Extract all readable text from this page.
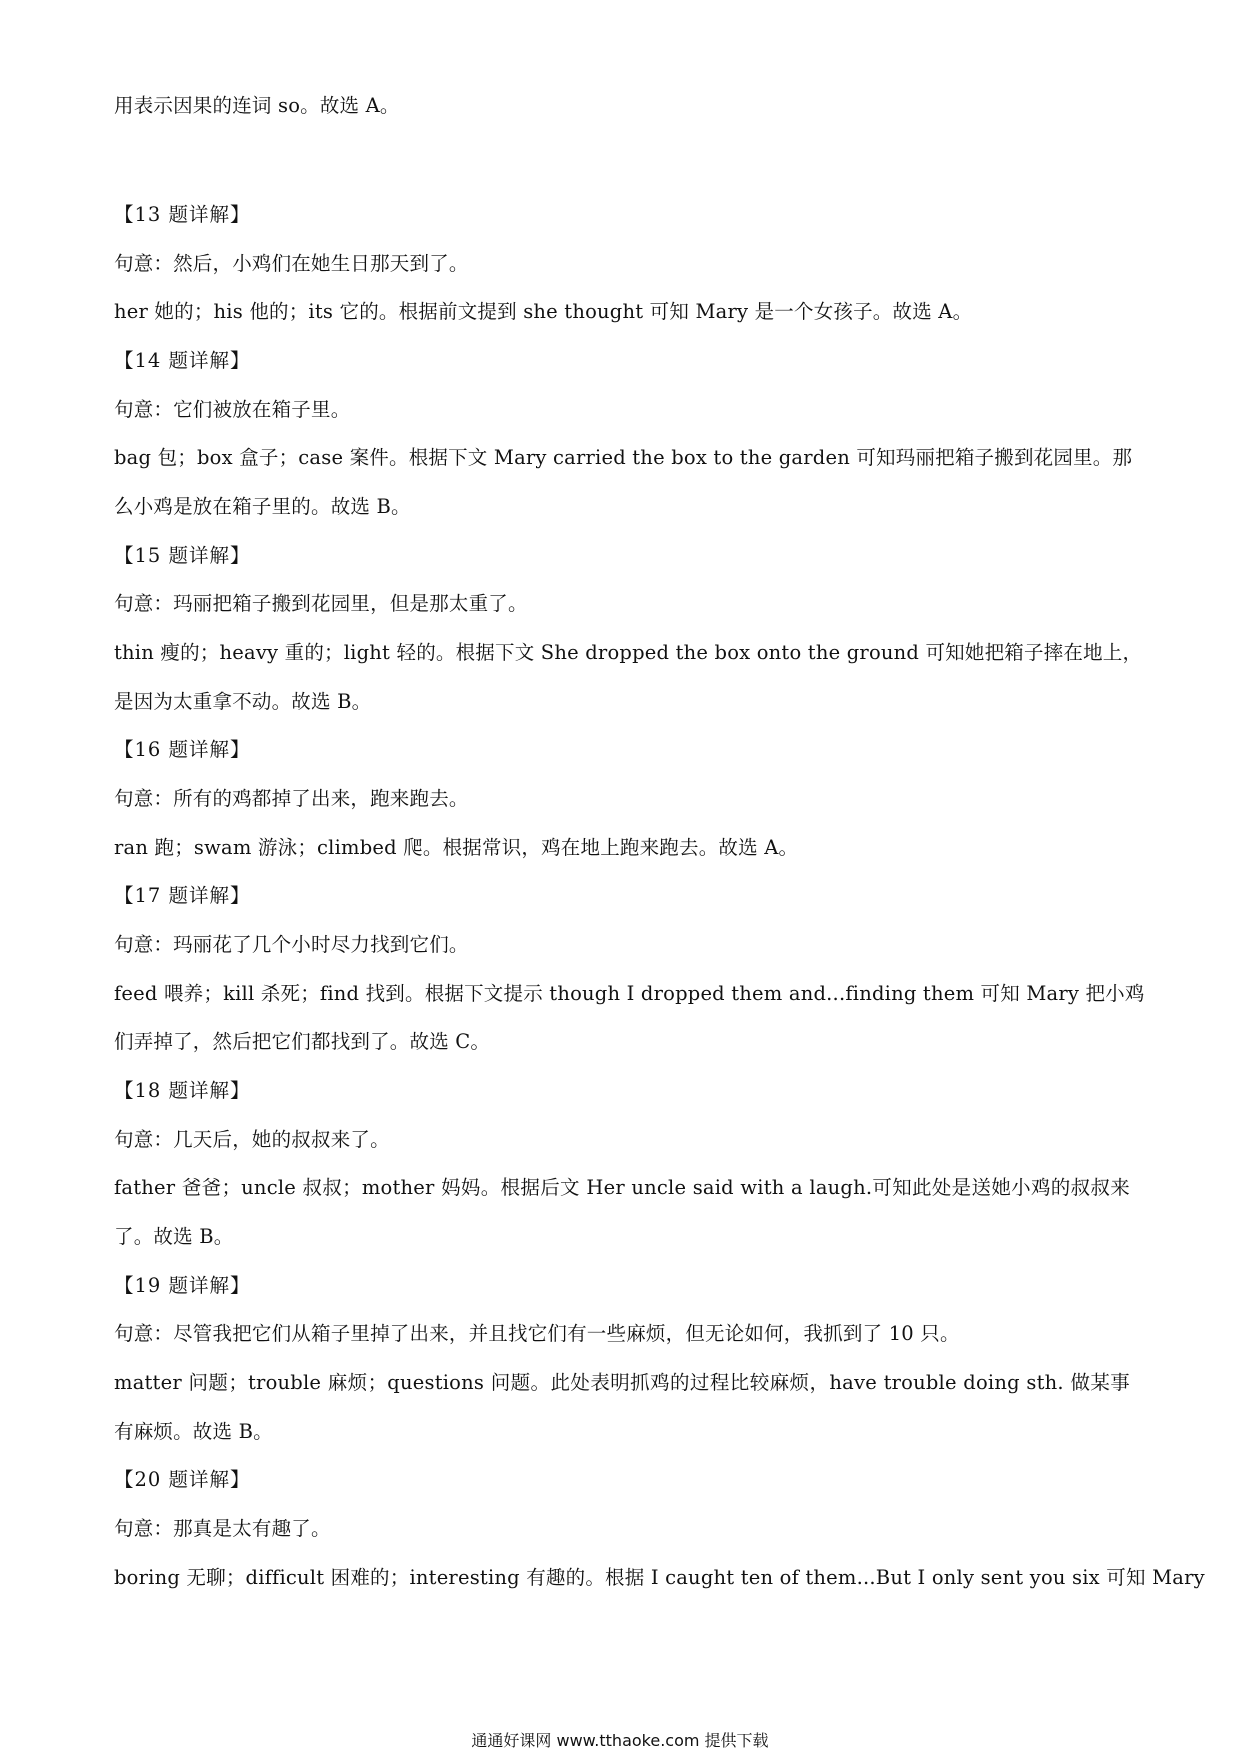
用表示因果的连词 so。故选 A。
【13 题详解】
句意：然后，小鸡们在她生日那天到了。
her 她的；his 他的；its 它的。根据前文提到 she thought 可知 Mary 是一个女孩子。故选 A。
【14 题详解】
句意：它们被放在箱子里。
bag 包；box 盒子；case 案件。根据下文 Mary carried the box to the garden 可知玛丽把箱子搬到花园里。那
么小鸡是放在箱子里的。故选 B。
【15 题详解】
句意：玛丽把箱子搬到花园里，但是那太重了。
thin 瘦的；heavy 重的；light 轻的。根据下文 She dropped the box onto the ground 可知她把箱子摔在地上，
是因为太重拿不动。故选 B。
【16 题详解】
句意：所有的鸡都掉了出来，跑来跑去。
ran 跑；swam 游泳；climbed 爬。根据常识，鸡在地上跑来跑去。故选 A。
【17 题详解】
句意：玛丽花了几个小时尽力找到它们。
feed 喂养；kill 杀死；find 找到。根据下文提示 though I dropped them and...finding them 可知 Mary 把小鸡
们弄掉了，然后把它们都找到了。故选 C。
【18 题详解】
句意：几天后，她的叔叔来了。
father 爸爸；uncle 叔叔；mother 妈妈。根据后文 Her uncle said with a laugh.可知此处是送她小鸡的叔叔来
了。故选 B。
【19 题详解】
句意：尽管我把它们从箱子里掉了出来，并且找它们有一些麻烦，但无论如何，我抓到了 10 只。
matter 问题；trouble 麻烦；questions 问题。此处表明抓鸡的过程比较麻烦，have trouble doing sth. 做某事
有麻烦。故选 B。
【20 题详解】
句意：那真是太有趣了。
boring 无聊；difficult 困难的；interesting 有趣的。根据 I caught ten of them...But I only sent you six 可知 Mary
通通好课网 www.tthaoke.com 提供下载
